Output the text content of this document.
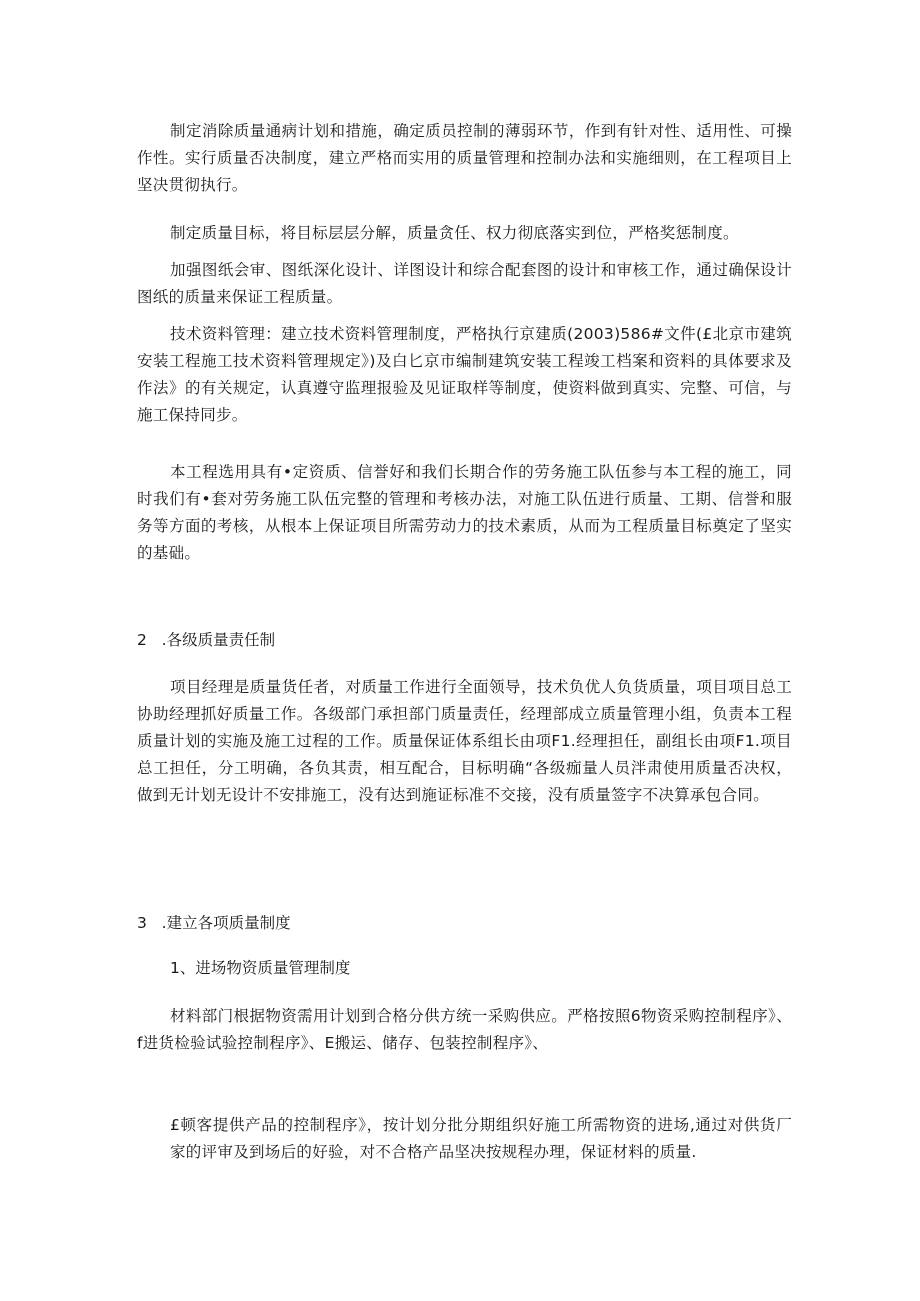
制定消除质量通病计划和措施，确定质员控制的薄弱环节，作到有针对性、适用性、可操作性。实行质量否决制度，建立严格而实用的质量管理和控制办法和实施细则，在工程项目上坚决贯彻执行。

制定质量目标，将目标层层分解，质量贪任、权力彻底落实到位，严格奖惩制度。

加强图纸会审、图纸深化设计、详图设计和综合配套图的设计和审核工作，通过确保设计图纸的质量来保证工程质量。

技术资料管理：建立技术资料管理制度，严格执行京建质(2003)586#文件(£北京市建筑安装工程施工技术资料管理规定》)及白匕京市编制建筑安装工程竣工档案和资料的具体要求及作法》的有关规定，认真遵守监理报验及见证取样等制度，使资料做到真实、完整、可信，与施工保持同步。

本工程选用具有•定资质、信誉好和我们长期合作的劳务施工队伍参与本工程的施工，同时我们有•套对劳务施工队伍完整的管理和考核办法，对施工队伍进行质量、工期、信誉和服务等方面的考核，从根本上保证项目所需劳动力的技术素质，从而为工程质量目标奠定了坚实的基础。

2   .各级质量责任制

项目经理是质量货任者，对质量工作进行全面领导，技术负优人负货质量，项目项目总工协助经理抓好质量工作。各级部门承担部门质量责任，经理部成立质量管理小组，负责本工程质量计划的实施及施工过程的工作。质量保证体系组长由项F1.经理担任，副组长由项F1.项目总工担任，分工明确，各负其责，相互配合，目标明确“各级痂量人员泮肃使用质量否决权，做到无计划无设计不安排施工，没有达到施证标准不交接，没有质量签字不决算承包合同。

3   .建立各项质量制度

1、进场物资质量管理制度

材料部门根据物资需用计划到合格分供方统一采购供应。严格按照6物资采购控制程序》、f进货检验试验控制程序》、E搬运、储存、包装控制程序》、

£顿客提供产品的控制程序》，按计划分批分期组织好施工所需物资的进场,通过对供货厂家的评审及到场后的好验，对不合格产品坚决按规程办理，保证材料的质量.
